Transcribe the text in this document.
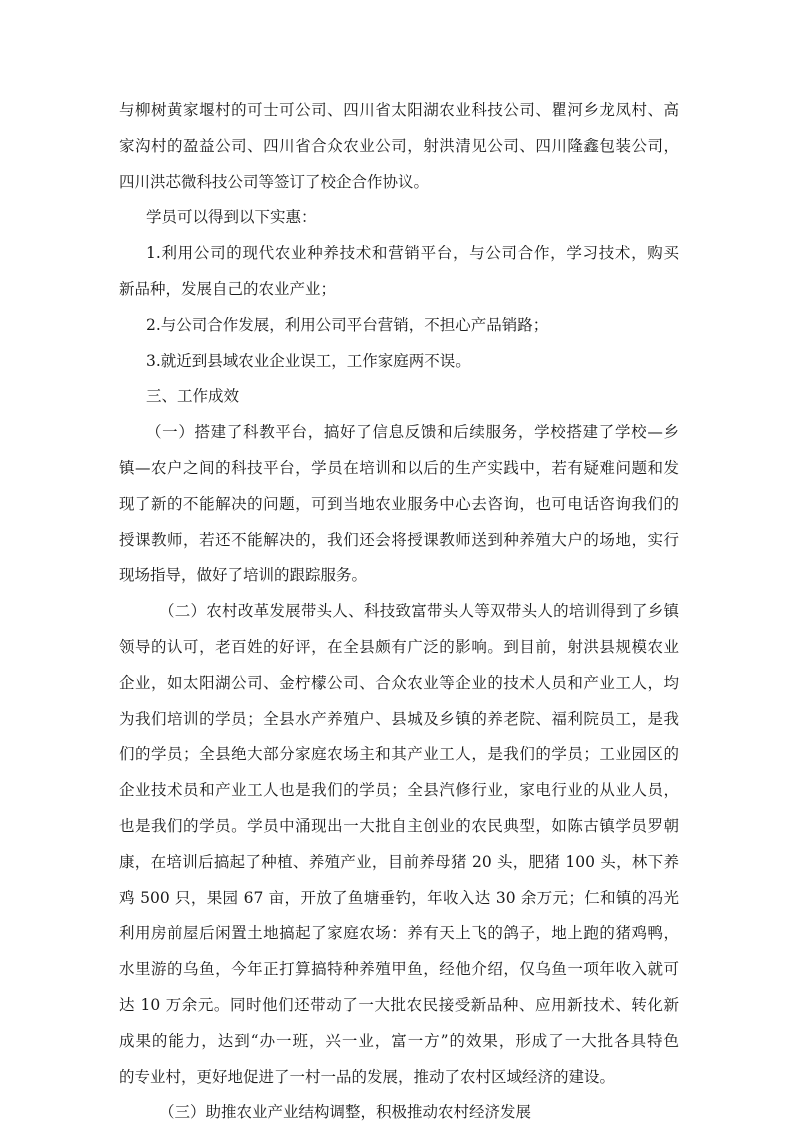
与柳树黄家堰村的可士可公司、四川省太阳湖农业科技公司、瞿河乡龙凤村、高
家沟村的盈益公司、四川省合众农业公司，射洪清见公司、四川隆鑫包装公司，
四川洪芯微科技公司等签订了校企合作协议。
学员可以得到以下实惠：
1.利用公司的现代农业种养技术和营销平台，与公司合作，学习技术，购买
新品种，发展自己的农业产业；
2.与公司合作发展，利用公司平台营销，不担心产品销路；
3.就近到县域农业企业误工，工作家庭两不误。
三、工作成效
（一）搭建了科教平台，搞好了信息反馈和后续服务，学校搭建了学校—乡
镇—农户之间的科技平台，学员在培训和以后的生产实践中，若有疑难问题和发
现了新的不能解决的问题，可到当地农业服务中心去咨询，也可电话咨询我们的
授课教师，若还不能解决的，我们还会将授课教师送到种养殖大户的场地，实行
现场指导，做好了培训的跟踪服务。
（二）农村改革发展带头人、科技致富带头人等双带头人的培训得到了乡镇
领导的认可，老百姓的好评，在全县颇有广泛的影响。到目前，射洪县规模农业
企业，如太阳湖公司、金柠檬公司、合众农业等企业的技术人员和产业工人，均
为我们培训的学员；全县水产养殖户、县城及乡镇的养老院、福利院员工，是我
们的学员；全县绝大部分家庭农场主和其产业工人，是我们的学员；工业园区的
企业技术员和产业工人也是我们的学员；全县汽修行业，家电行业的从业人员，
也是我们的学员。学员中涌现出一大批自主创业的农民典型，如陈古镇学员罗朝
康，在培训后搞起了种植、养殖产业，目前养母猪 20 头，肥猪 100 头，林下养
鸡 500 只，果园 67 亩，开放了鱼塘垂钓，年收入达 30 余万元；仁和镇的冯光
利用房前屋后闲置土地搞起了家庭农场：养有天上飞的鸽子，地上跑的猪鸡鸭，
水里游的乌鱼，今年正打算搞特种养殖甲鱼，经他介绍，仅乌鱼一项年收入就可
达 10 万余元。同时他们还带动了一大批农民接受新品种、应用新技术、转化新
成果的能力，达到“办一班，兴一业，富一方”的效果，形成了一大批各具特色
的专业村，更好地促进了一村一品的发展，推动了农村区域经济的建设。
（三）助推农业产业结构调整，积极推动农村经济发展
